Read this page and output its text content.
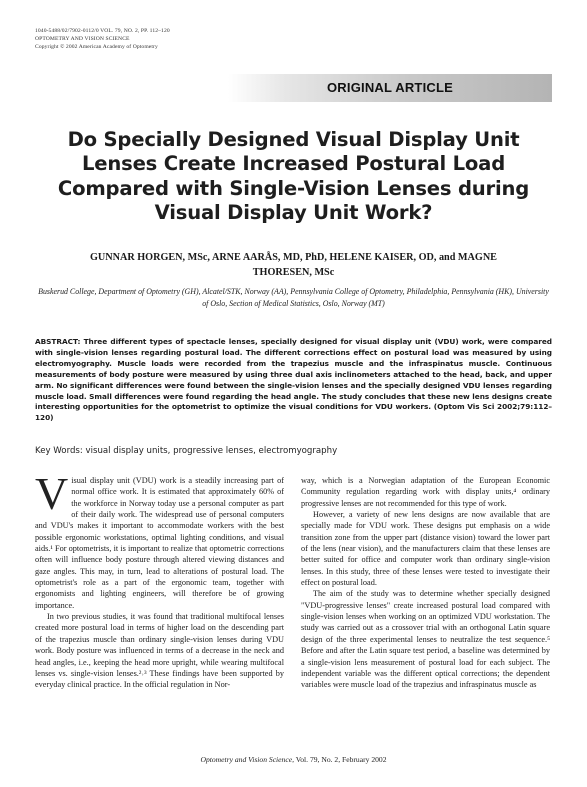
1040-5488/02/7902-0112/0 VOL. 79, NO. 2, PP. 112–120
OPTOMETRY AND VISION SCIENCE
Copyright © 2002 American Academy of Optometry
ORIGINAL ARTICLE
Do Specially Designed Visual Display Unit Lenses Create Increased Postural Load Compared with Single-Vision Lenses during Visual Display Unit Work?
GUNNAR HORGEN, MSc, ARNE AARÅS, MD, PhD, HELENE KAISER, OD, and MAGNE THORESEN, MSc
Buskerud College, Department of Optometry (GH), Alcatel/STK, Norway (AA), Pennsylvania College of Optometry, Philadelphia, Pennsylvania (HK), University of Oslo, Section of Medical Statistics, Oslo, Norway (MT)
ABSTRACT: Three different types of spectacle lenses, specially designed for visual display unit (VDU) work, were compared with single-vision lenses regarding postural load. The different corrections effect on postural load was measured by using electromyography. Muscle loads were recorded from the trapezius muscle and the infraspinatus muscle. Continuous measurements of body posture were measured by using three dual axis inclinometers attached to the head, back, and upper arm. No significant differences were found between the single-vision lenses and the specially designed VDU lenses regarding muscle load. Small differences were found regarding the head angle. The study concludes that these new lens designs create interesting opportunities for the optometrist to optimize the visual conditions for VDU workers. (Optom Vis Sci 2002;79:112–120)
Key Words: visual display units, progressive lenses, electromyography

Visual display unit (VDU) work is a steadily increasing part of normal office work. It is estimated that approximately 60% of the workforce in Norway today use a personal computer as part of their daily work. The widespread use of personal computers and VDU's makes it important to accommodate workers with the best possible ergonomic workstations, optimal lighting conditions, and visual aids.¹ For optometrists, it is important to realize that optometric corrections often will influence body posture through altered viewing distances and gaze angles. This may, in turn, lead to alterations of postural load. The optometrist's role as a part of the ergonomic team, together with ergonomists and lighting engineers, will therefore be of growing importance.

In two previous studies, it was found that traditional multifocal lenses created more postural load in terms of higher load on the descending part of the trapezius muscle than ordinary single-vision lenses during VDU work. Body posture was influenced in terms of a decrease in the neck and head angles, i.e., keeping the head more upright, while wearing multifocal lenses vs. single-vision lenses.²˒³ These findings have been supported by everyday clinical practice. In the official regulation in Nor-

way, which is a Norwegian adaptation of the European Economic Community regulation regarding work with display units,⁴ ordinary progressive lenses are not recommended for this type of work.

However, a variety of new lens designs are now available that are specially made for VDU work. These designs put emphasis on a wide transition zone from the upper part (distance vision) toward the lower part of the lens (near vision), and the manufacturers claim that these lenses are better suited for office and computer work than ordinary single-vision lenses. In this study, three of these lenses were tested to investigate their effect on postural load.

The aim of the study was to determine whether specially designed "VDU-progressive lenses" create increased postural load compared with single-vision lenses when working on an optimized VDU workstation. The study was carried out as a crossover trial with an orthogonal Latin square design of the three experimental lenses to neutralize the test sequence.⁵ Before and after the Latin square test period, a baseline was determined by a single-vision lens measurement of postural load for each subject. The independent variable was the different optical corrections; the dependent variables were muscle load of the trapezius and infraspinatus muscle as

Optometry and Vision Science, Vol. 79, No. 2, February 2002
